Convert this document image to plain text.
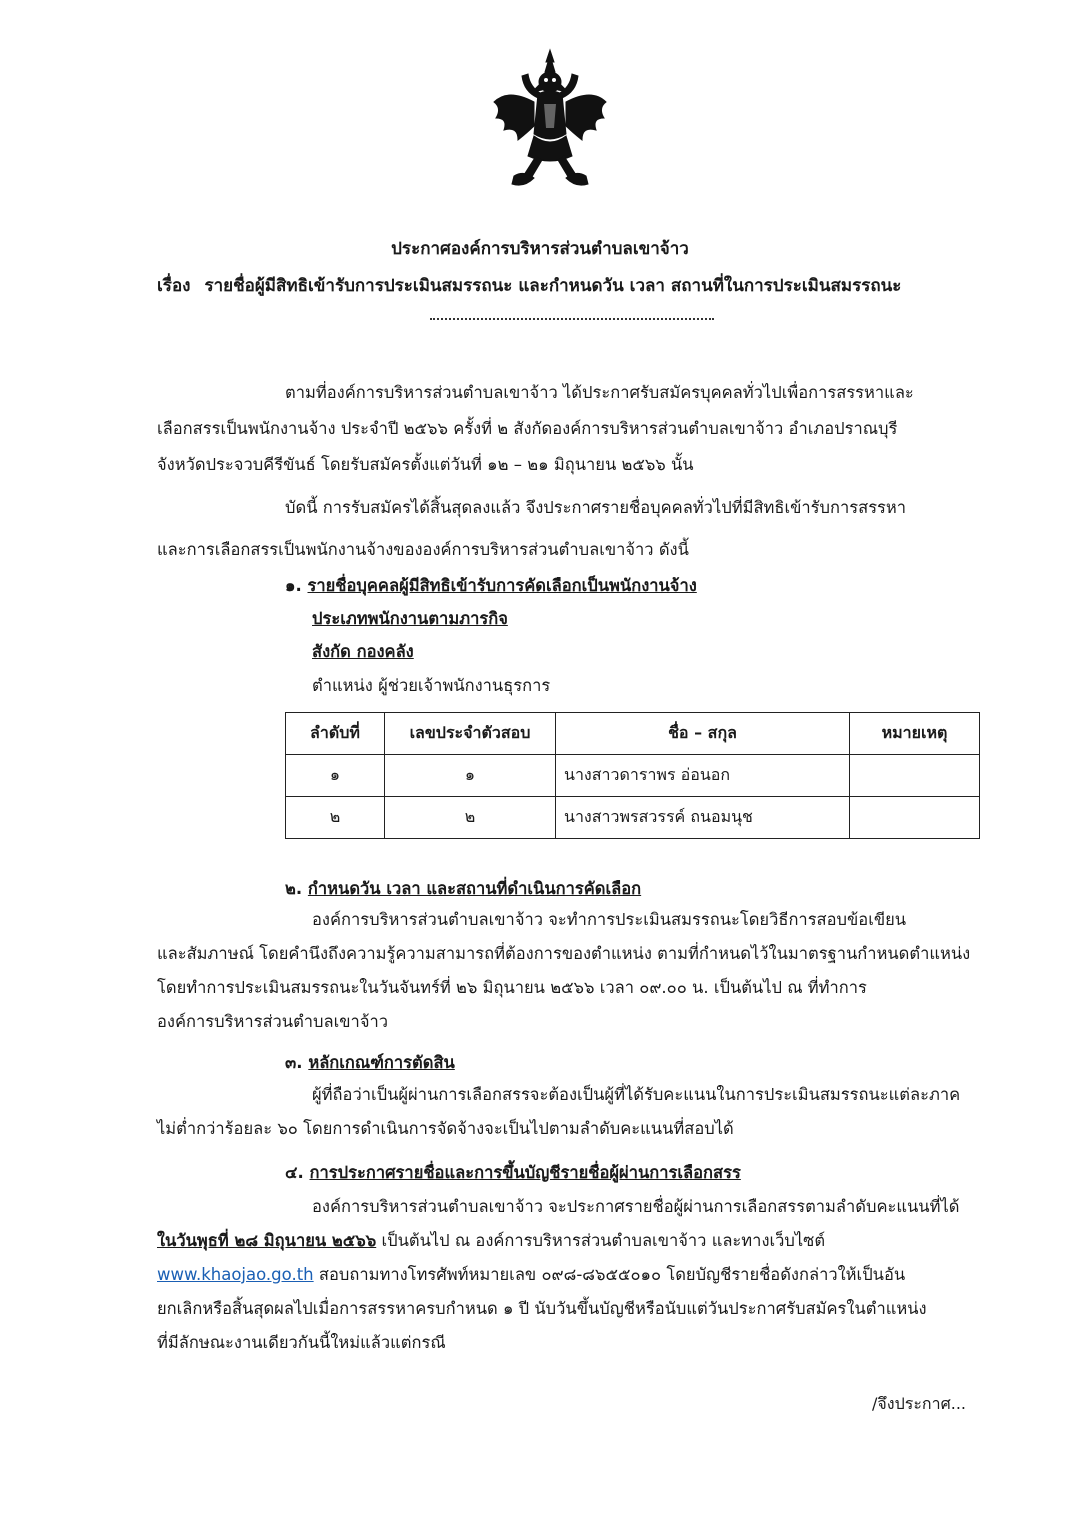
ประกาศองค์การบริหารส่วนตำบลเขาจ้าว
เรื่อง รายชื่อผู้มีสิทธิเข้ารับการประเมินสมรรถนะ และกำหนดวัน เวลา สถานที่ในการประเมินสมรรถนะ
ตามที่องค์การบริหารส่วนตำบลเขาจ้าว ได้ประกาศรับสมัครบุคคลทั่วไปเพื่อการสรรหาและ
เลือกสรรเป็นพนักงานจ้าง ประจำปี ๒๕๖๖ ครั้งที่ ๒ สังกัดองค์การบริหารส่วนตำบลเขาจ้าว อำเภอปราณบุรี
จังหวัดประจวบคีรีขันธ์ โดยรับสมัครตั้งแต่วันที่ ๑๒ – ๒๑ มิถุนายน ๒๕๖๖ นั้น
บัดนี้ การรับสมัครได้สิ้นสุดลงแล้ว จึงประกาศรายชื่อบุคคลทั่วไปที่มีสิทธิเข้ารับการสรรหา
และการเลือกสรรเป็นพนักงานจ้างขององค์การบริหารส่วนตำบลเขาจ้าว ดังนี้
๑. รายชื่อบุคคลผู้มีสิทธิเข้ารับการคัดเลือกเป็นพนักงานจ้าง
ประเภทพนักงานตามภารกิจ
สังกัด กองคลัง
ตำแหน่ง ผู้ช่วยเจ้าพนักงานธุรการ
ลำดับที่	เลขประจำตัวสอบ	ชื่อ – สกุล	หมายเหตุ
๑	๑	นางสาวดาราพร อ่อนอก	
๒	๒	นางสาวพรสวรรค์ ถนอมนุช	
๒. กำหนดวัน เวลา และสถานที่ดำเนินการคัดเลือก
องค์การบริหารส่วนตำบลเขาจ้าว จะทำการประเมินสมรรถนะโดยวิธีการสอบข้อเขียน
และสัมภาษณ์ โดยคำนึงถึงความรู้ความสามารถที่ต้องการของตำแหน่ง ตามที่กำหนดไว้ในมาตรฐานกำหนดตำแหน่ง
โดยทำการประเมินสมรรถนะในวันจันทร์ที่ ๒๖ มิถุนายน ๒๕๖๖ เวลา ๐๙.๐๐ น. เป็นต้นไป ณ ที่ทำการ
องค์การบริหารส่วนตำบลเขาจ้าว
๓. หลักเกณฑ์การตัดสิน
ผู้ที่ถือว่าเป็นผู้ผ่านการเลือกสรรจะต้องเป็นผู้ที่ได้รับคะแนนในการประเมินสมรรถนะแต่ละภาค
ไม่ต่ำกว่าร้อยละ ๖๐ โดยการดำเนินการจัดจ้างจะเป็นไปตามลำดับคะแนนที่สอบได้
๔. การประกาศรายชื่อและการขึ้นบัญชีรายชื่อผู้ผ่านการเลือกสรร
องค์การบริหารส่วนตำบลเขาจ้าว จะประกาศรายชื่อผู้ผ่านการเลือกสรรตามลำดับคะแนนที่ได้
ในวันพุธที่ ๒๘ มิถุนายน ๒๕๖๖ เป็นต้นไป ณ องค์การบริหารส่วนตำบลเขาจ้าว และทางเว็บไซต์
www.khaojao.go.th สอบถามทางโทรศัพท์หมายเลข ๐๙๘-๘๖๕๕๐๑๐ โดยบัญชีรายชื่อดังกล่าวให้เป็นอัน
ยกเลิกหรือสิ้นสุดผลไปเมื่อการสรรหาครบกำหนด ๑ ปี นับวันขึ้นบัญชีหรือนับแต่วันประกาศรับสมัครในตำแหน่ง
ที่มีลักษณะงานเดียวกันนี้ใหม่แล้วแต่กรณี
/จึงประกาศ...
